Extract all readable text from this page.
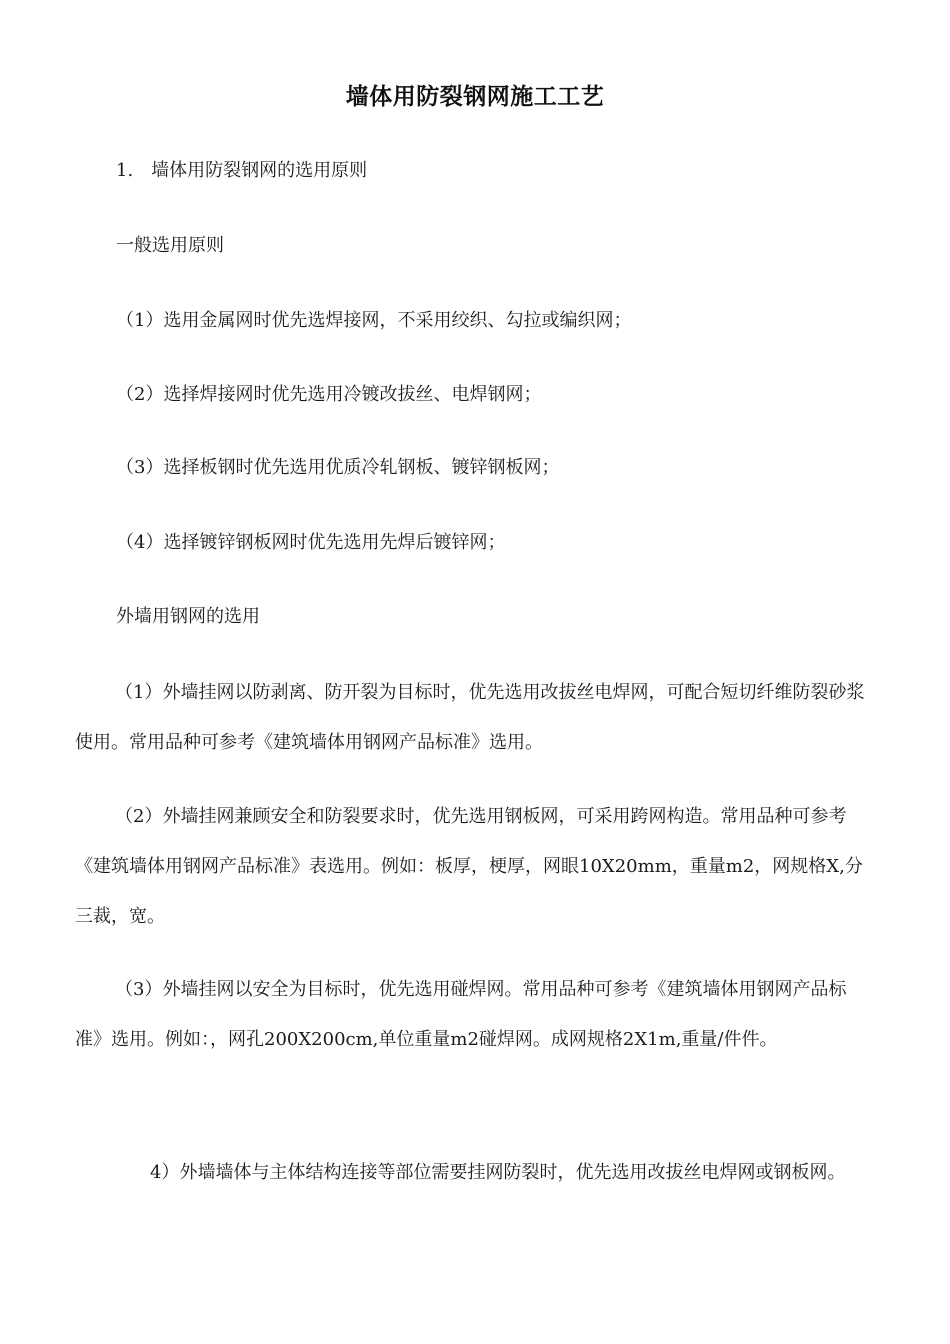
墙体用防裂钢网施工工艺

1.　墙体用防裂钢网的选用原则

一般选用原则

（1）选用金属网时优先选焊接网，不采用绞织、勾拉或编织网；

（2）选择焊接网时优先选用冷镀改拔丝、电焊钢网；

（3）选择板钢时优先选用优质冷轧钢板、镀锌钢板网；

（4）选择镀锌钢板网时优先选用先焊后镀锌网；

外墙用钢网的选用

（1）外墙挂网以防剥离、防开裂为目标时，优先选用改拔丝电焊网，可配合短切纤维防裂砂浆使用。常用品种可参考《建筑墙体用钢网产品标准》选用。

（2）外墙挂网兼顾安全和防裂要求时，优先选用钢板网，可采用跨网构造。常用品种可参考《建筑墙体用钢网产品标准》表选用。例如：板厚，梗厚，网眼10X20mm，重量m2，网规格X,分三裁，宽。

（3）外墙挂网以安全为目标时，优先选用碰焊网。常用品种可参考《建筑墙体用钢网产品标准》选用。例如：，网孔200X200cm,单位重量m2碰焊网。成网规格2X1m,重量/件件。

4）外墙墙体与主体结构连接等部位需要挂网防裂时，优先选用改拔丝电焊网或钢板网。
